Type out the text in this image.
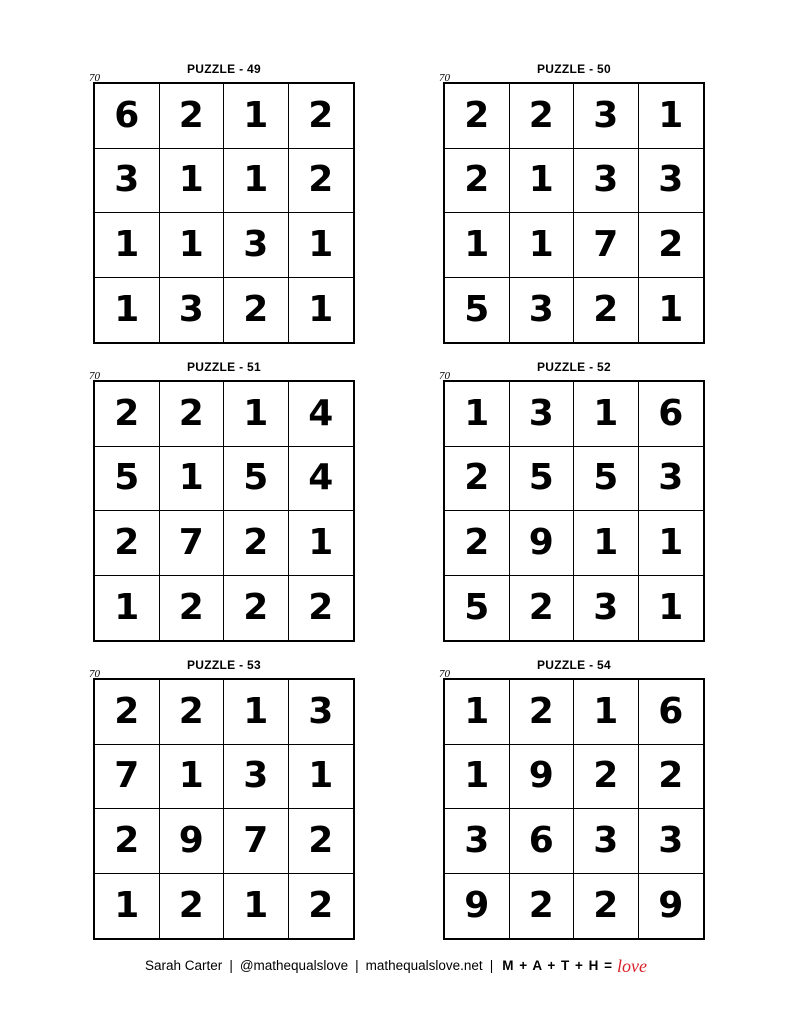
PUZZLE - 49
70
6	2	1	2
3	1	1	2
1	1	3	1
1	3	2	1
PUZZLE - 50
70
2	2	3	1
2	1	3	3
1	1	7	2
5	3	2	1
PUZZLE - 51
70
2	2	1	4
5	1	5	4
2	7	2	1
1	2	2	2
PUZZLE - 52
70
1	3	1	6
2	5	5	3
2	9	1	1
5	2	3	1
PUZZLE - 53
70
2	2	1	3
7	1	3	1
2	9	7	2
1	2	1	2
PUZZLE - 54
70
1	2	1	6
1	9	2	2
3	6	3	3
9	2	2	9
Sarah Carter | @mathequalslove | mathequalslove.net | M + A + T + H = love
